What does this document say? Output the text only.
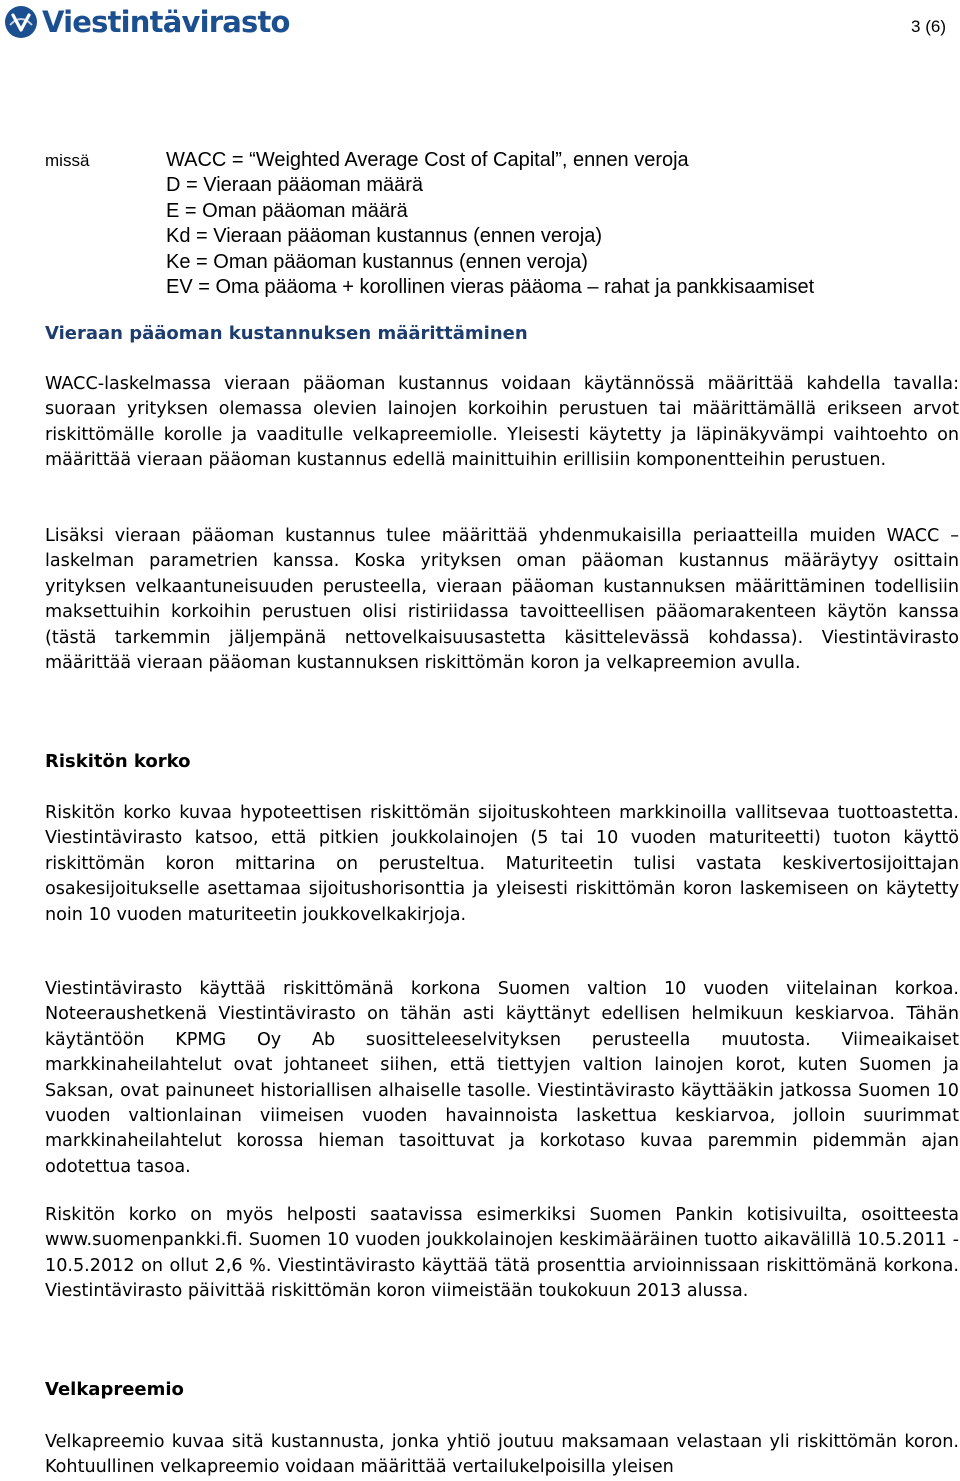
Viestintävirasto	3 (6)
missä	WACC = “Weighted Average Cost of Capital”, ennen veroja
D = Vieraan pääoman määrä
E = Oman pääoman määrä
Kd = Vieraan pääoman kustannus (ennen veroja)
Ke = Oman pääoman kustannus (ennen veroja)
EV = Oma pääoma + korollinen vieras pääoma – rahat ja pankkisaamiset
Vieraan pääoman kustannuksen määrittäminen

WACC-laskelmassa vieraan pääoman kustannus voidaan käytännössä määrittää kahdella tavalla: suoraan yrityksen olemassa olevien lainojen korkoihin perustuen tai määrittämällä erikseen arvot riskittömälle korolle ja vaaditulle velkapreemiolle. Yleisesti käytetty ja läpinäkyvämpi vaihtoehto on määrittää vieraan pääoman kustannus edellä mainittuihin erillisiin komponentteihin perustuen.

Lisäksi vieraan pääoman kustannus tulee määrittää yhdenmukaisilla periaatteilla muiden WACC – laskelman parametrien kanssa. Koska yrityksen oman pääoman kustannus määräytyy osittain yrityksen velkaantuneisuuden perusteella, vieraan pääoman kustannuksen määrittäminen todellisiin maksettuihin korkoihin perustuen olisi ristiriidassa tavoitteellisen pääomarakenteen käytön kanssa (tästä tarkemmin jäljempänä nettovelkaisuusastetta käsittelevässä kohdassa). Viestintävirasto määrittää vieraan pääoman kustannuksen riskittömän koron ja velkapreemion avulla.

Riskitön korko

Riskitön korko kuvaa hypoteettisen riskittömän sijoituskohteen markkinoilla vallitsevaa tuottoastetta. Viestintävirasto katsoo, että pitkien joukkolainojen (5 tai 10 vuoden maturiteetti) tuoton käyttö riskittömän koron mittarina on perusteltua. Maturiteetin tulisi vastata keskivertosijoittajan osakesijoitukselle asettamaa sijoitushorisonttia ja yleisesti riskittömän koron laskemiseen on käytetty noin 10 vuoden maturiteetin joukkovelkakirjoja.

Viestintävirasto käyttää riskittömänä korkona Suomen valtion 10 vuoden viitelainan korkoa. Noteeraushetkenä Viestintävirasto on tähän asti käyttänyt edellisen helmikuun keskiarvoa. Tähän käytäntöön KPMG Oy Ab suositteleeselvityksen perusteella muutosta. Viimeaikaiset markkinaheilahtelut ovat johtaneet siihen, että tiettyjen valtion lainojen korot, kuten Suomen ja Saksan, ovat painuneet historiallisen alhaiselle tasolle. Viestintävirasto käyttääkin jatkossa Suomen 10 vuoden valtionlainan viimeisen vuoden havainnoista laskettua keskiarvoa, jolloin suurimmat markkinaheilahtelut korossa hieman tasoittuvat ja korkotaso kuvaa paremmin pidemmän ajan odotettua tasoa.

Riskitön korko on myös helposti saatavissa esimerkiksi Suomen Pankin kotisivuilta, osoitteesta www.suomenpankki.fi. Suomen 10 vuoden joukkolainojen keskimääräinen tuotto aikavälillä 10.5.2011 - 10.5.2012 on ollut 2,6 %. Viestintävirasto käyttää tätä prosenttia arvioinnissaan riskittömänä korkona. Viestintävirasto päivittää riskittömän koron viimeistään toukokuun 2013 alussa.

Velkapreemio

Velkapreemio kuvaa sitä kustannusta, jonka yhtiö joutuu maksamaan velastaan yli riskittömän koron. Kohtuullinen velkapreemio voidaan määrittää vertailukelpoisilla yleisen
